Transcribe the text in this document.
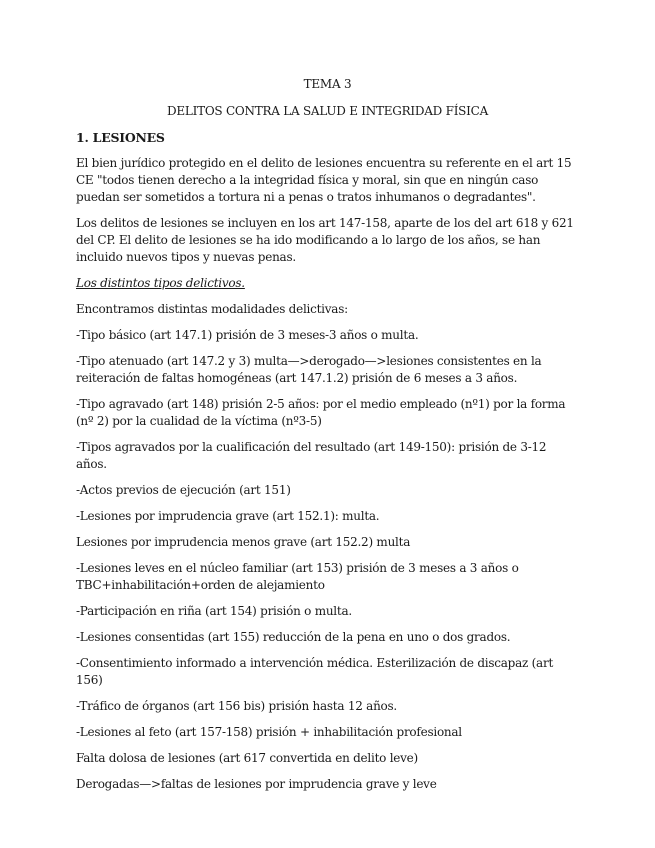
TEMA 3

DELITOS CONTRA LA SALUD E INTEGRIDAD FÍSICA

1. LESIONES

El bien jurídico protegido en el delito de lesiones encuentra su referente en el art 15 CE "todos tienen derecho a la integridad física y moral, sin que en ningún caso puedan ser sometidos a tortura ni a penas o tratos inhumanos o degradantes".

Los delitos de lesiones se incluyen en los art 147-158, aparte de los del art 618 y 621 del CP. El delito de lesiones se ha ido modificando a lo largo de los años, se han incluido nuevos tipos y nuevas penas.

Los distintos tipos delictivos.

Encontramos distintas modalidades delictivas:

-Tipo básico (art 147.1) prisión de 3 meses-3 años o multa.

-Tipo atenuado (art 147.2 y 3) multa—>derogado—>lesiones consistentes en la reiteración de faltas homogéneas (art 147.1.2) prisión de 6 meses a 3 años.

-Tipo agravado (art 148) prisión 2-5 años: por el medio empleado (nº1) por la forma (nº 2) por la cualidad de la víctima (nº3-5)

-Tipos agravados por la cualificación del resultado (art 149-150): prisión de 3-12 años.

-Actos previos de ejecución (art 151)

-Lesiones por imprudencia grave (art 152.1): multa.

Lesiones por imprudencia menos grave (art 152.2) multa

-Lesiones leves en el núcleo familiar (art 153) prisión de 3 meses a 3 años o TBC+inhabilitación+orden de alejamiento

-Participación en riña (art 154) prisión o multa.

-Lesiones consentidas (art 155) reducción de la pena en uno o dos grados.

-Consentimiento informado a intervención médica. Esterilización de discapaz (art 156)

-Tráfico de órganos (art 156 bis) prisión hasta 12 años.

-Lesiones al feto (art 157-158) prisión + inhabilitación profesional

Falta dolosa de lesiones (art 617 convertida en delito leve)

Derogadas—>faltas de lesiones por imprudencia grave y leve
